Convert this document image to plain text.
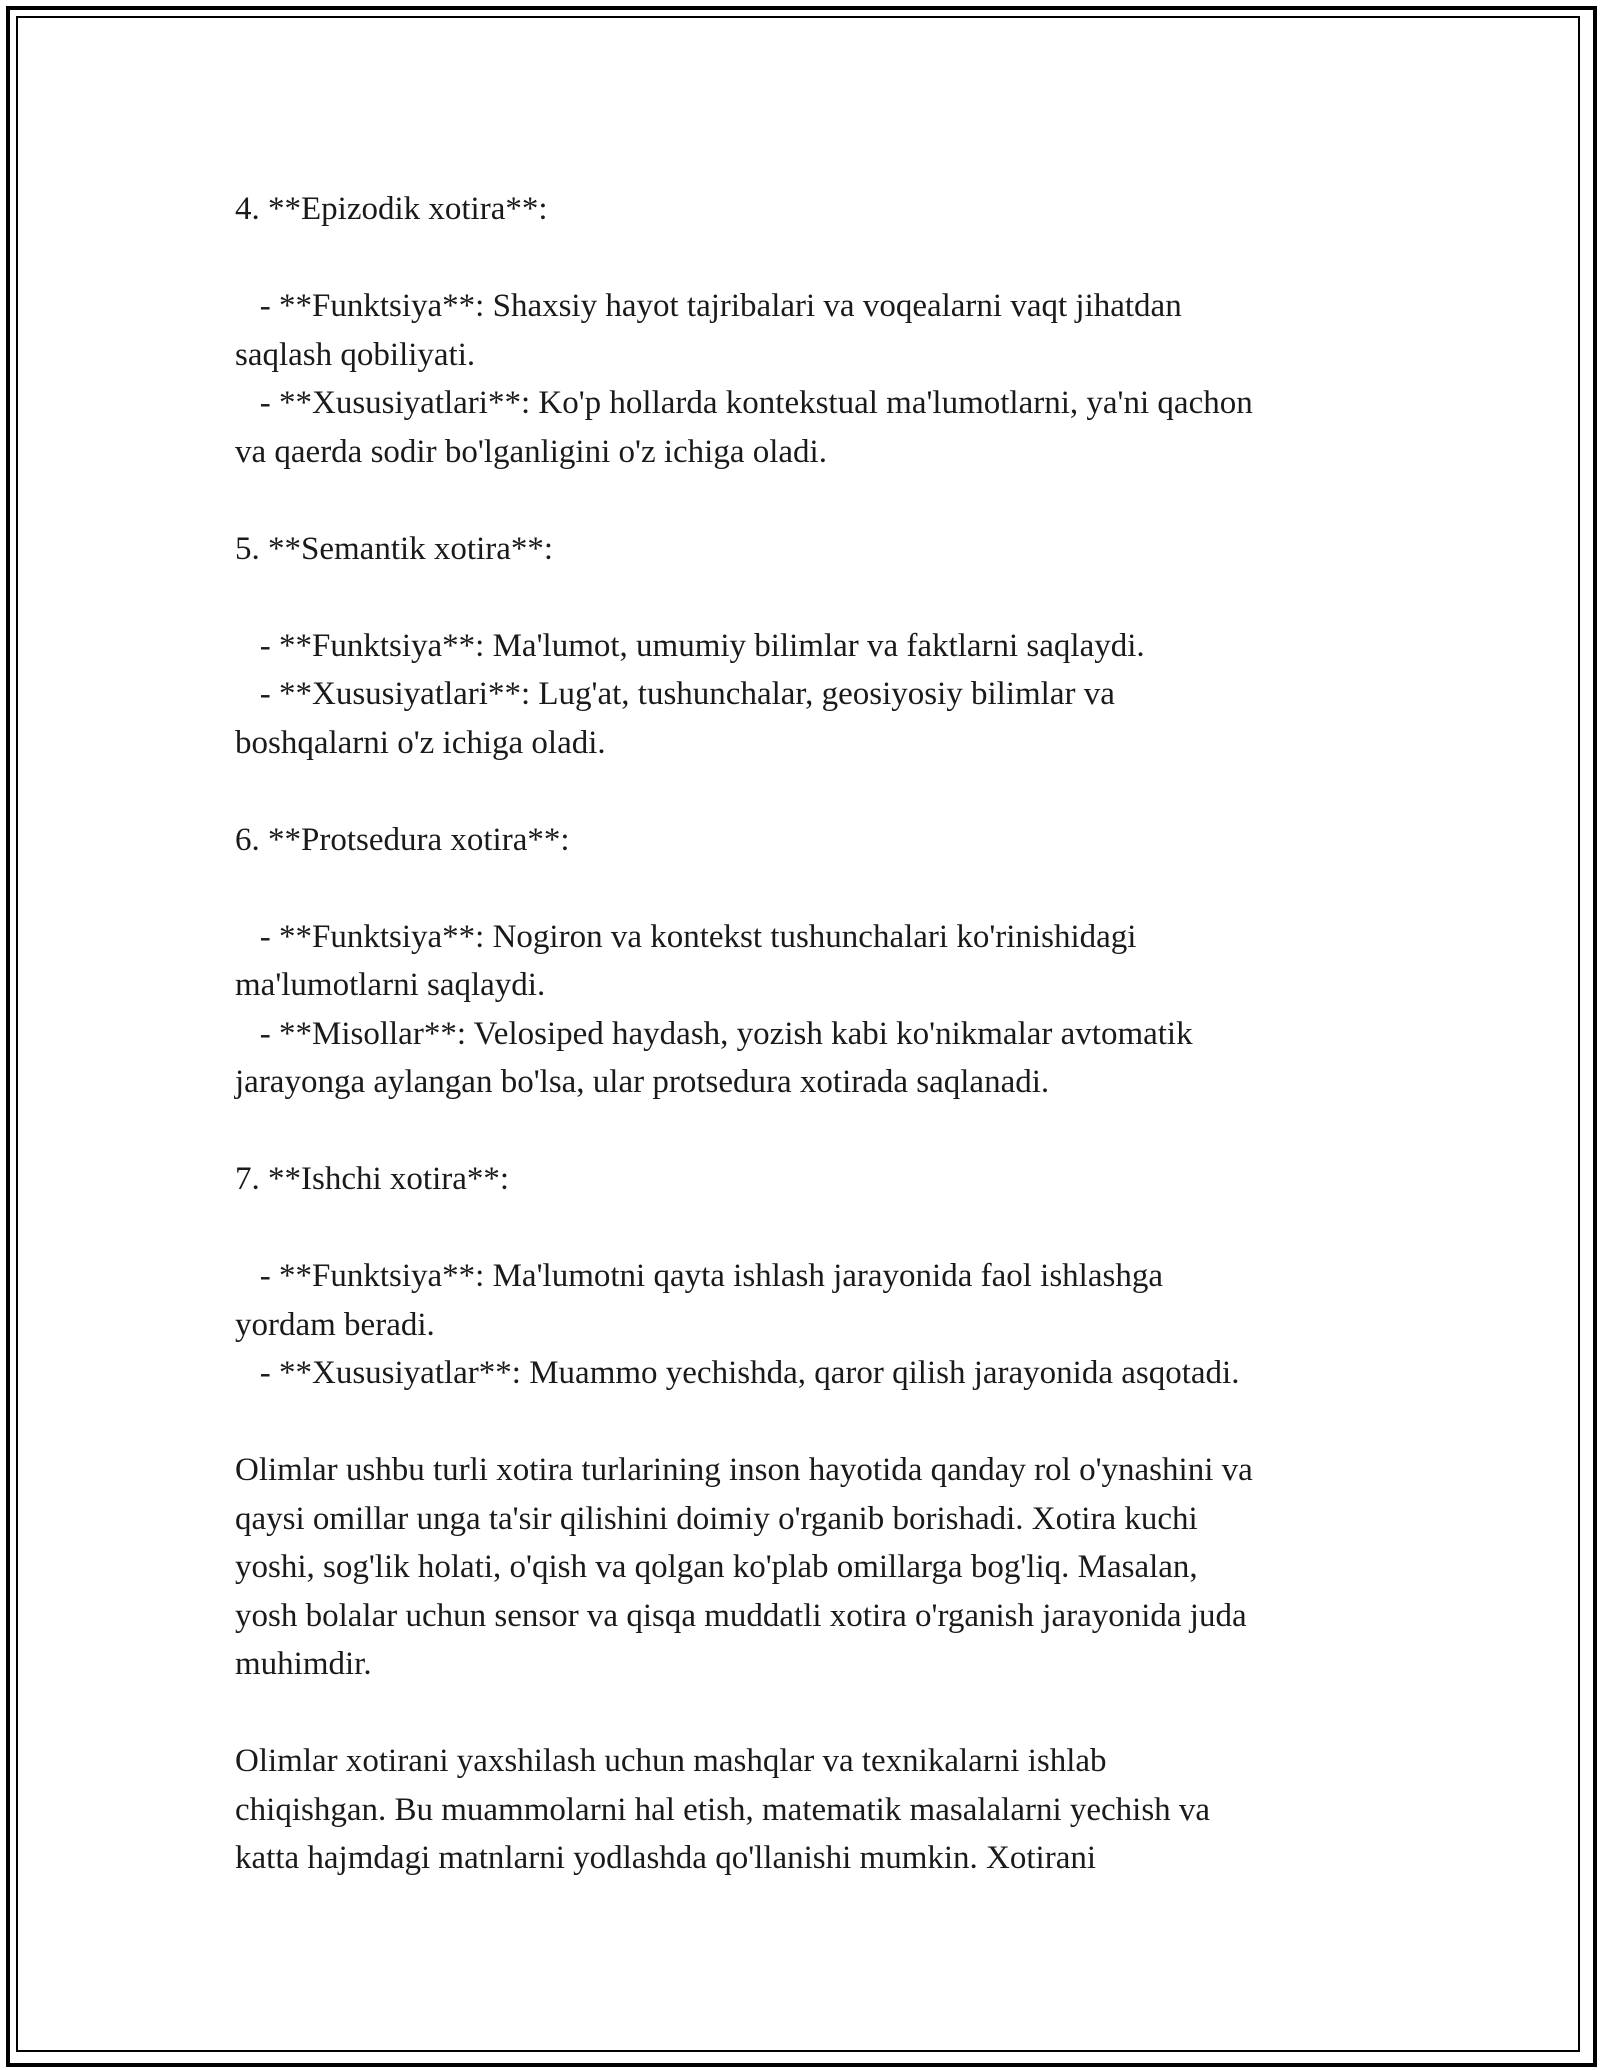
4. **Epizodik xotira**:

- **Funktsiya**: Shaxsiy hayot tajribalari va voqealarni vaqt jihatdan

saqlash qobiliyati.

- **Xususiyatlari**: Ko'p hollarda kontekstual ma'lumotlarni, ya'ni qachon

va qaerda sodir bo'lganligini o'z ichiga oladi.

5. **Semantik xotira**:

- **Funktsiya**: Ma'lumot, umumiy bilimlar va faktlarni saqlaydi.

- **Xususiyatlari**: Lug'at, tushunchalar, geosiyosiy bilimlar va

boshqalarni o'z ichiga oladi.

6. **Protsedura xotira**:

- **Funktsiya**: Nogiron va kontekst tushunchalari ko'rinishidagi

ma'lumotlarni saqlaydi.

- **Misollar**: Velosiped haydash, yozish kabi ko'nikmalar avtomatik

jarayonga aylangan bo'lsa, ular protsedura xotirada saqlanadi.

7. **Ishchi xotira**:

- **Funktsiya**: Ma'lumotni qayta ishlash jarayonida faol ishlashga

yordam beradi.

- **Xususiyatlar**: Muammo yechishda, qaror qilish jarayonida asqotadi.

Olimlar ushbu turli xotira turlarining inson hayotida qanday rol o'ynashini va

qaysi omillar unga ta'sir qilishini doimiy o'rganib borishadi. Xotira kuchi

yoshi, sog'lik holati, o'qish va qolgan ko'plab omillarga bog'liq. Masalan,

yosh bolalar uchun sensor va qisqa muddatli xotira o'rganish jarayonida juda

muhimdir.

Olimlar xotirani yaxshilash uchun mashqlar va texnikalarni ishlab

chiqishgan. Bu muammolarni hal etish, matematik masalalarni yechish va

katta hajmdagi matnlarni yodlashda qo'llanishi mumkin. Xotirani
